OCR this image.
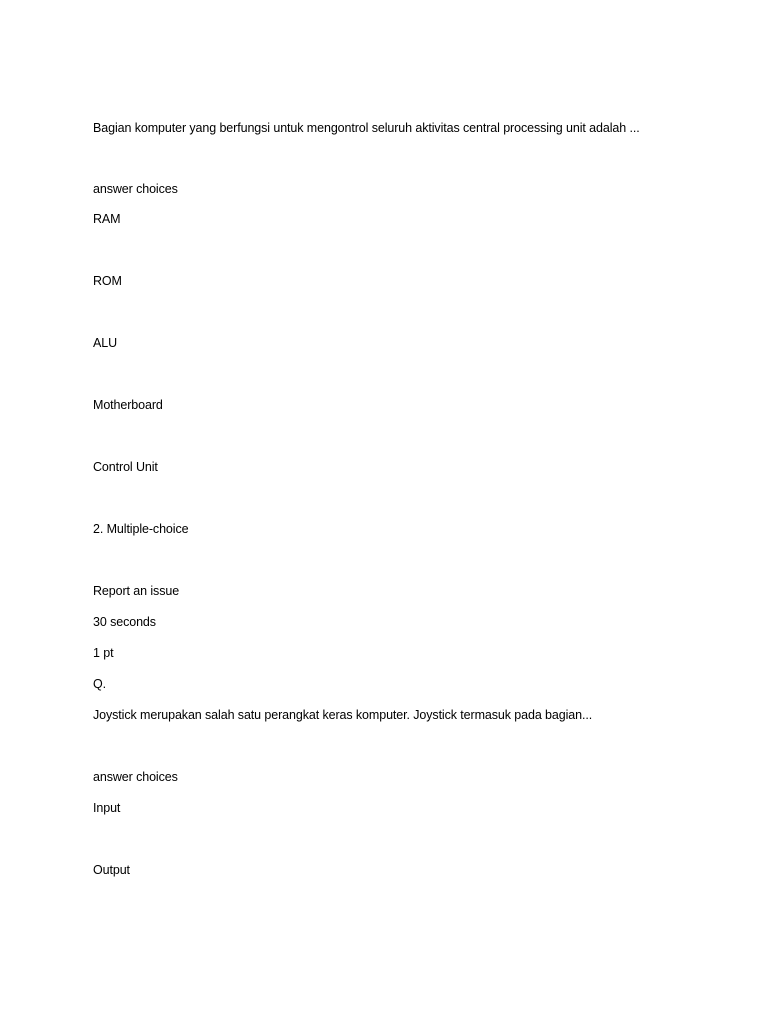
Bagian komputer yang berfungsi untuk mengontrol seluruh aktivitas central processing unit adalah ...
answer choices
RAM
ROM
ALU
Motherboard
Control Unit
2. Multiple-choice
Report an issue
30 seconds
1 pt
Q.
Joystick merupakan salah satu perangkat keras komputer. Joystick termasuk pada bagian...
answer choices
Input
Output
